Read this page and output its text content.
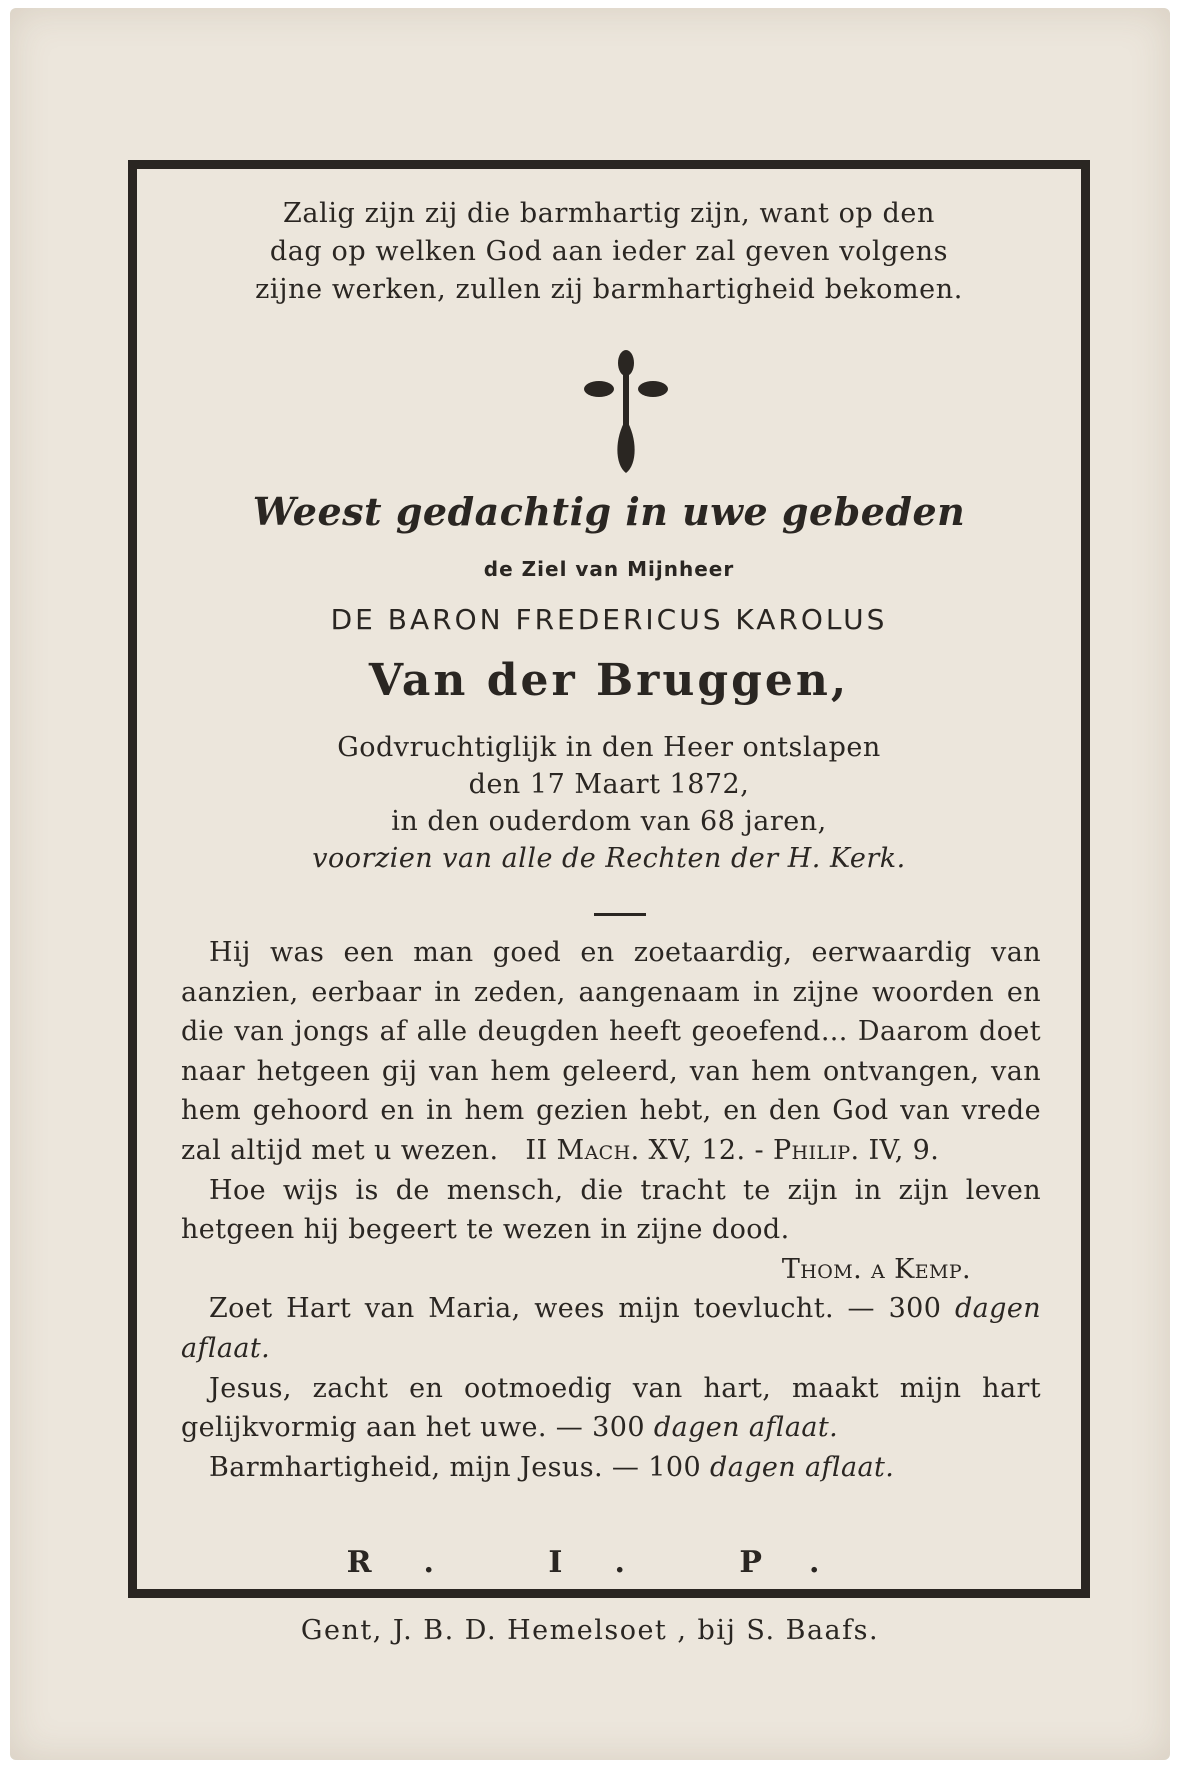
Zalig zijn zij die barmhartig zijn, want op den
dag op welken God aan ieder zal geven volgens
zijne werken, zullen zij barmhartigheid bekomen.
Weest gedachtig in uwe gebeden
de Ziel van Mijnheer
DE BARON FREDERICUS KAROLUS
Van der Bruggen,
Godvruchtiglijk in den Heer ontslapen
den 17 Maart 1872,
in den ouderdom van 68 jaren,
voorzien van alle de Rechten der H. Kerk.

Hij was een man goed en zoetaardig, eerwaardig van aanzien, eerbaar in zeden, aangenaam in zijne woorden en die van jongs af alle deugden heeft geoefend... Daarom doet naar hetgeen gij van hem geleerd, van hem ontvangen, van hem gehoord en in hem gezien hebt, en den God van vrede zal altijd met u wezen. II Mach. XV, 12. - Philip. IV, 9.

Hoe wijs is de mensch, die tracht te zijn in zijn leven hetgeen hij begeert te wezen in zijne dood.

Thom. a Kemp.

Zoet Hart van Maria, wees mijn toevlucht. — 300 dagen aflaat.

Jesus, zacht en ootmoedig van hart, maakt mijn hart gelijkvormig aan het uwe. — 300 dagen aflaat.

Barmhartigheid, mijn Jesus. — 100 dagen aflaat.

R. I. P.
Gent, J. B. D. Hemelsoet , bij S. Baafs.
